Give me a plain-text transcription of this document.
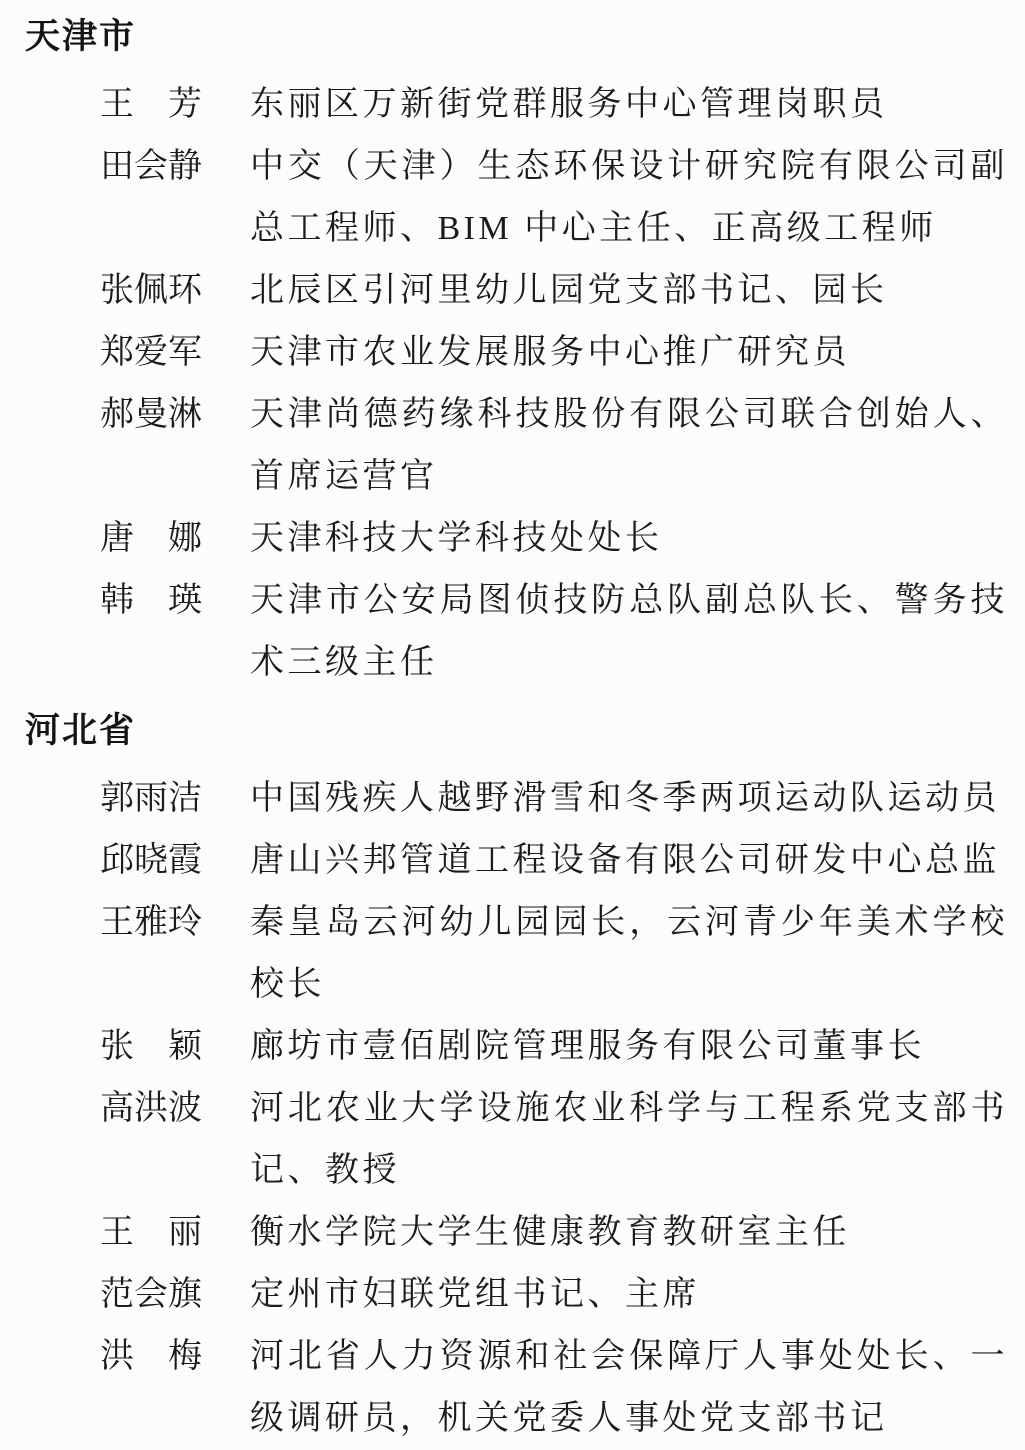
天津市
王　芳 东丽区万新街党群服务中心管理岗职员
田会静 中交（天津）生态环保设计研究院有限公司副总工程师、BIM 中心主任、正高级工程师
张佩环 北辰区引河里幼儿园党支部书记、园长
郑爱军 天津市农业发展服务中心推广研究员
郝曼淋 天津尚德药缘科技股份有限公司联合创始人、首席运营官
唐　娜 天津科技大学科技处处长
韩　瑛 天津市公安局图侦技防总队副总队长、警务技术三级主任
河北省
郭雨洁 中国残疾人越野滑雪和冬季两项运动队运动员
邱晓霞 唐山兴邦管道工程设备有限公司研发中心总监
王雅玲 秦皇岛云河幼儿园园长，云河青少年美术学校校长
张　颖 廊坊市壹佰剧院管理服务有限公司董事长
高洪波 河北农业大学设施农业科学与工程系党支部书记、教授
王　丽 衡水学院大学生健康教育教研室主任
范会旗 定州市妇联党组书记、主席
洪　梅 河北省人力资源和社会保障厅人事处处长、一级调研员，机关党委人事处党支部书记
